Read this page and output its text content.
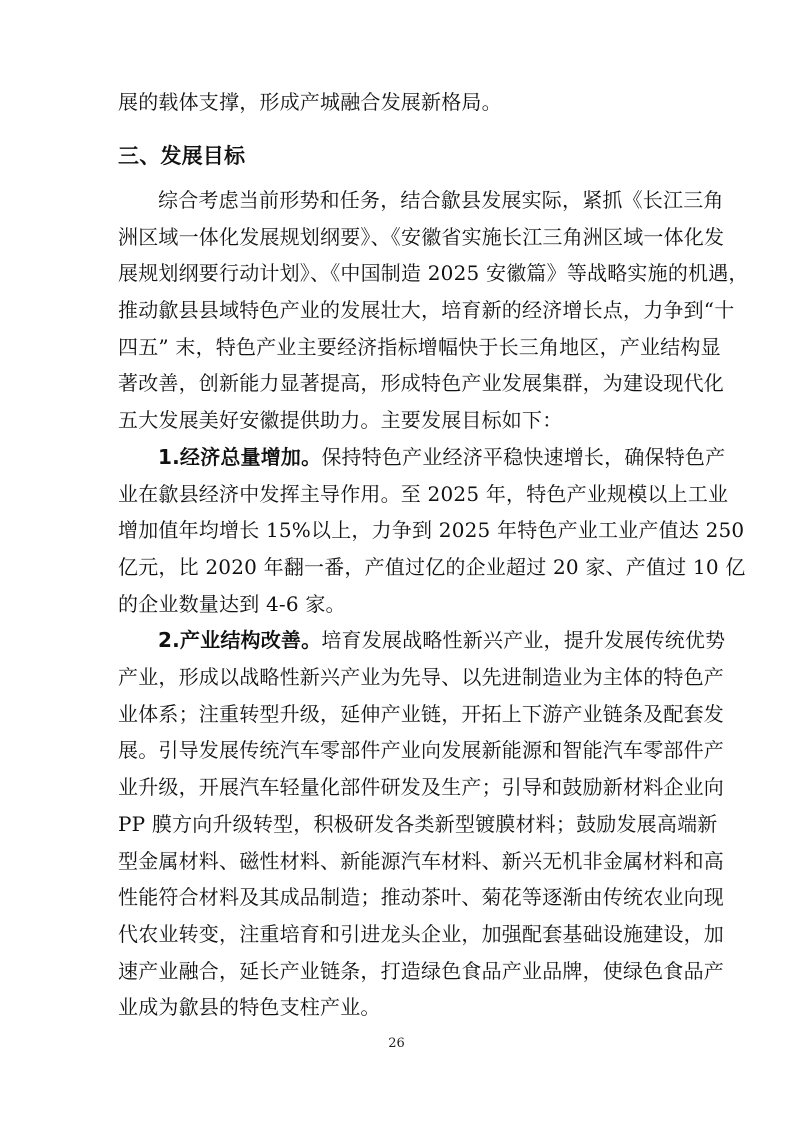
展的载体支撑，形成产城融合发展新格局。
三、发展目标
综合考虑当前形势和任务，结合歙县发展实际，紧抓《长江三角
洲区域一体化发展规划纲要》、《安徽省实施长江三角洲区域一体化发
展规划纲要行动计划》、《中国制造 2025 安徽篇》等战略实施的机遇，
推动歙县县域特色产业的发展壮大，培育新的经济增长点，力争到“十
四五” 末，特色产业主要经济指标增幅快于长三角地区，产业结构显
著改善，创新能力显著提高，形成特色产业发展集群，为建设现代化
五大发展美好安徽提供助力。主要发展目标如下：
1.经济总量增加。保持特色产业经济平稳快速增长，确保特色产
业在歙县经济中发挥主导作用。至 2025 年，特色产业规模以上工业
增加值年均增长 15%以上，力争到 2025 年特色产业工业产值达 250
亿元，比 2020 年翻一番，产值过亿的企业超过 20 家、产值过 10 亿
的企业数量达到 4-6 家。
2.产业结构改善。培育发展战略性新兴产业，提升发展传统优势
产业，形成以战略性新兴产业为先导、以先进制造业为主体的特色产
业体系；注重转型升级，延伸产业链，开拓上下游产业链条及配套发
展。引导发展传统汽车零部件产业向发展新能源和智能汽车零部件产
业升级，开展汽车轻量化部件研发及生产；引导和鼓励新材料企业向
PP 膜方向升级转型，积极研发各类新型镀膜材料；鼓励发展高端新
型金属材料、磁性材料、新能源汽车材料、新兴无机非金属材料和高
性能符合材料及其成品制造；推动茶叶、菊花等逐渐由传统农业向现
代农业转变，注重培育和引进龙头企业，加强配套基础设施建设，加
速产业融合，延长产业链条，打造绿色食品产业品牌，使绿色食品产
业成为歙县的特色支柱产业。
26
